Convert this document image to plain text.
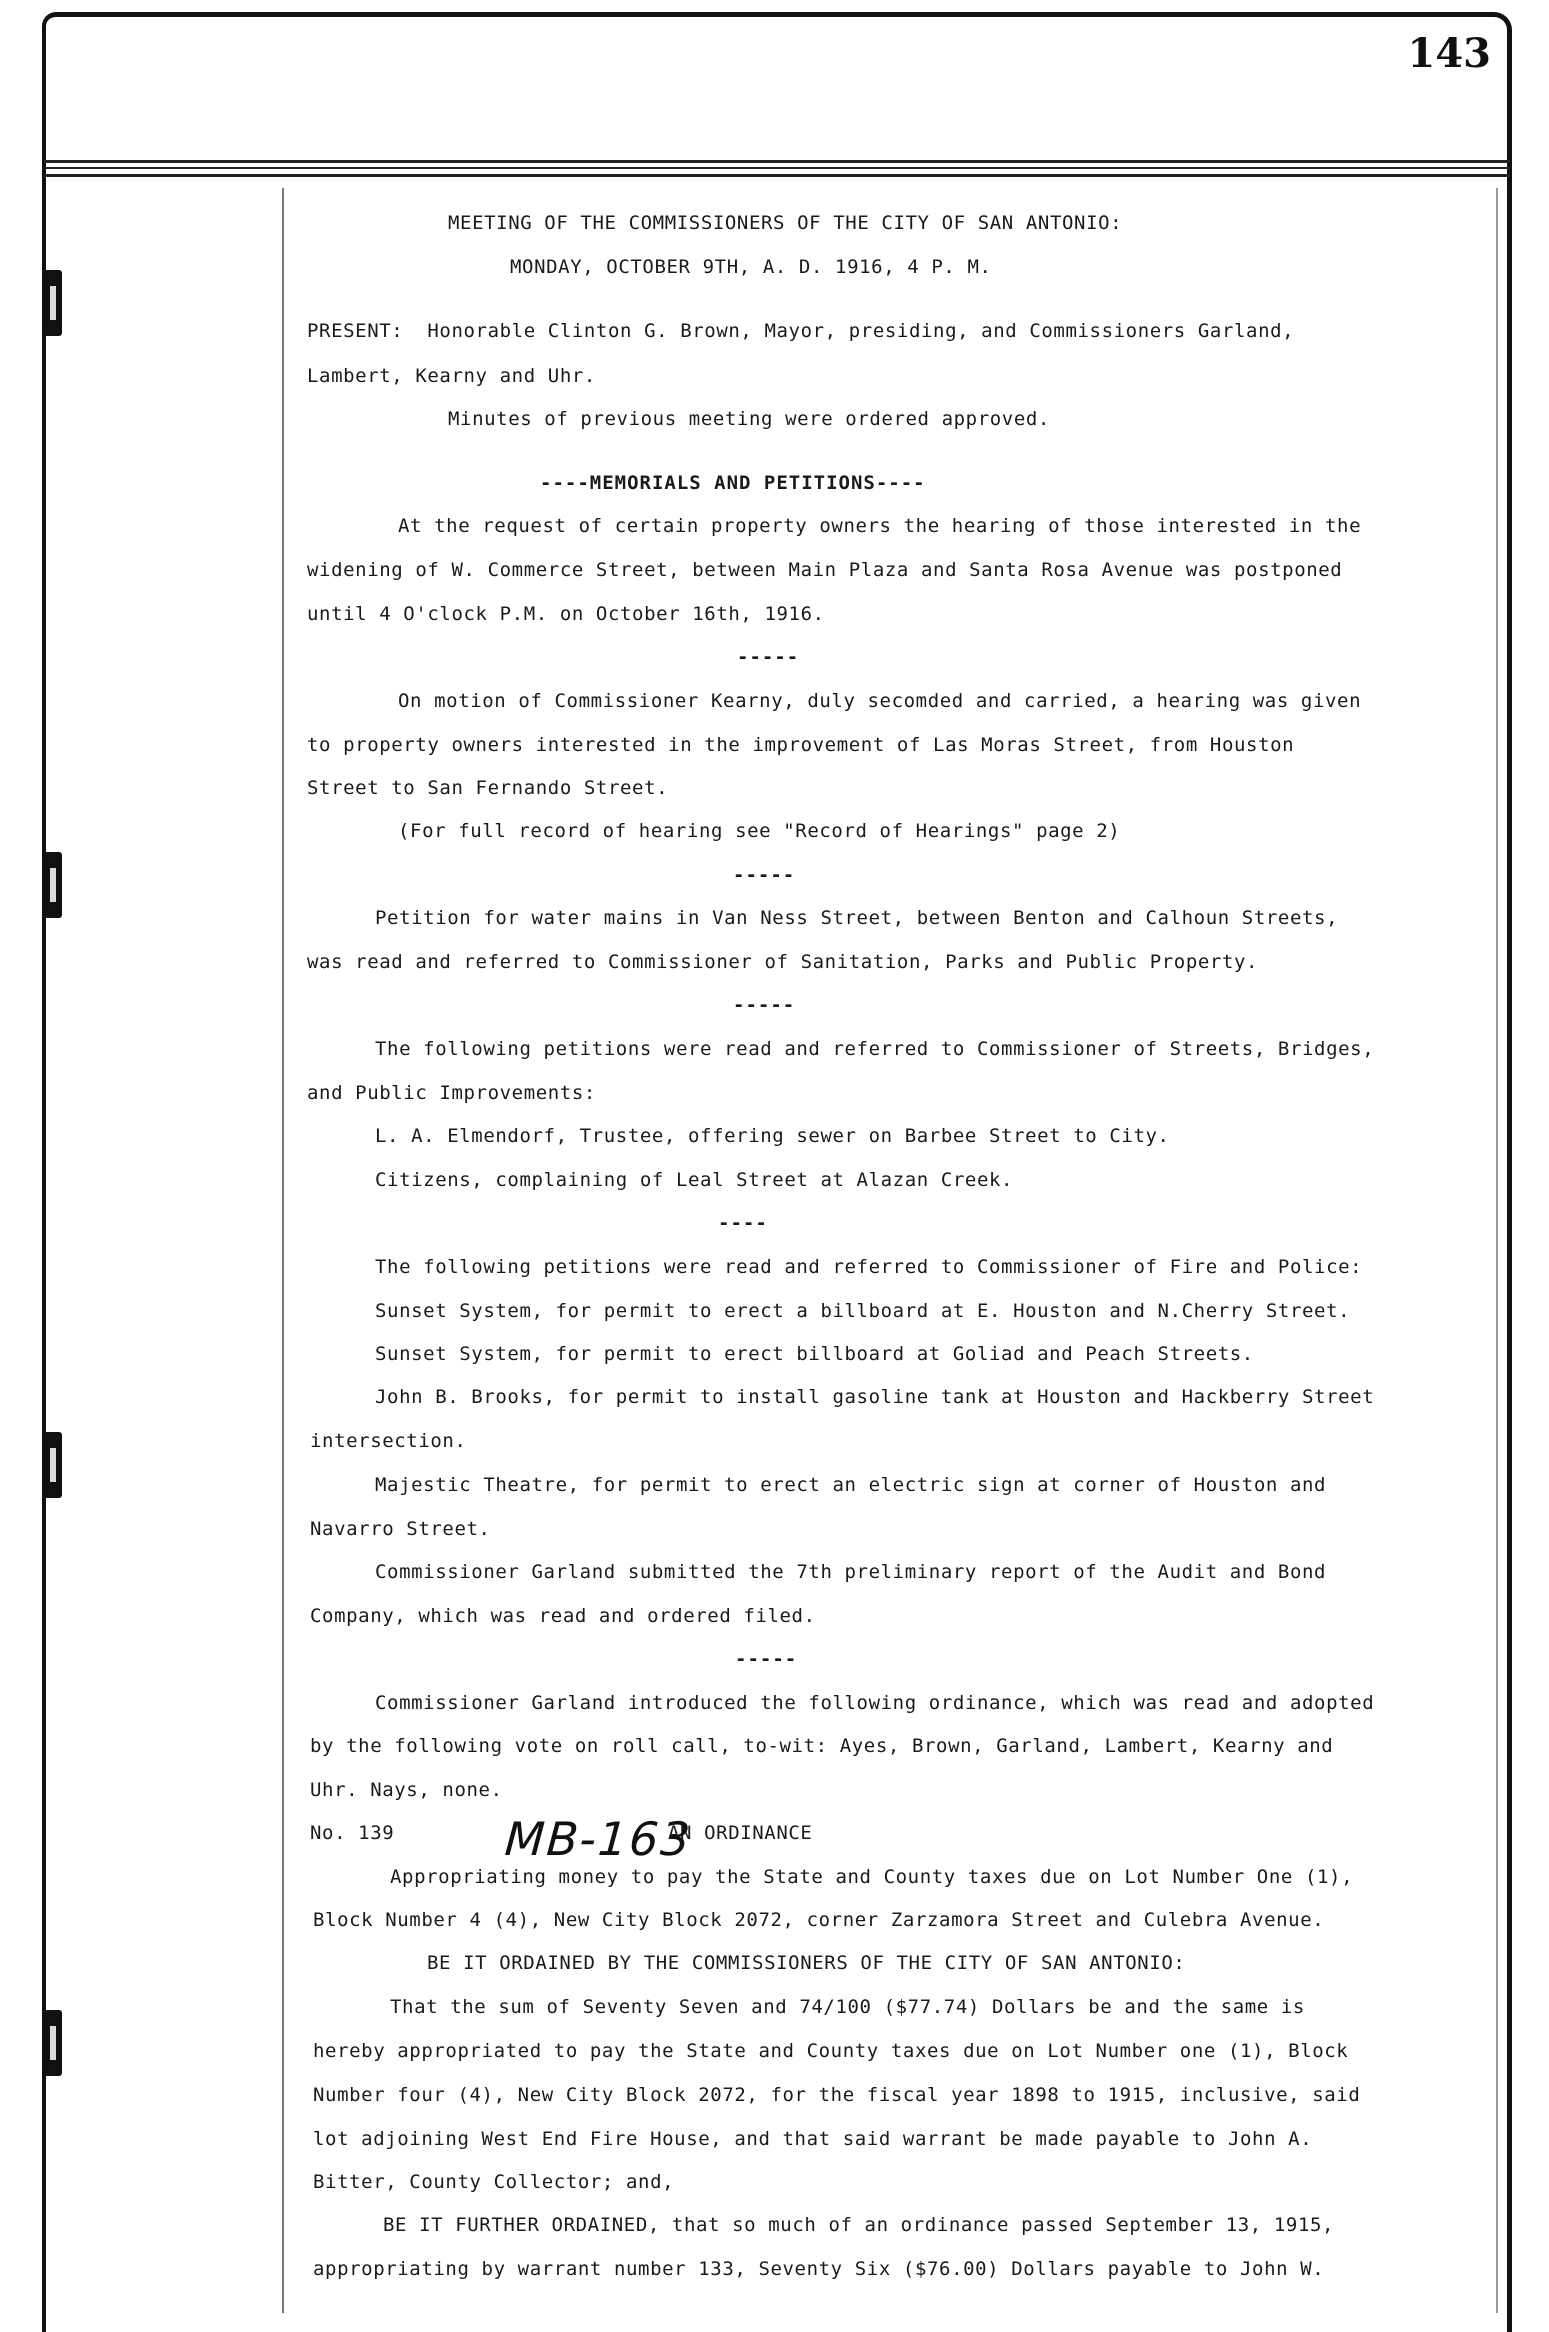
143
MEETING OF THE COMMISSIONERS OF THE CITY OF SAN ANTONIO:
MONDAY, OCTOBER 9TH, A. D. 1916, 4 P. M.
PRESENT:  Honorable Clinton G. Brown, Mayor, presiding, and Commissioners Garland,
Lambert, Kearny and Uhr.
Minutes of previous meeting were ordered approved.
----MEMORIALS AND PETITIONS----
At the request of certain property owners the hearing of those interested in the
widening of W. Commerce Street, between Main Plaza and Santa Rosa Avenue was postponed
until 4 O'clock P.M. on October 16th, 1916.
-----
On motion of Commissioner Kearny, duly secomded and carried, a hearing was given
to property owners interested in the improvement of Las Moras Street, from Houston
Street to San Fernando Street.
(For full record of hearing see "Record of Hearings" page 2)
-----
Petition for water mains in Van Ness Street, between Benton and Calhoun Streets,
was read and referred to Commissioner of Sanitation, Parks and Public Property.
-----
The following petitions were read and referred to Commissioner of Streets, Bridges,
and Public Improvements:
L. A. Elmendorf, Trustee, offering sewer on Barbee Street to City.
Citizens, complaining of Leal Street at Alazan Creek.
----
The following petitions were read and referred to Commissioner of Fire and Police:
Sunset System, for permit to erect a billboard at E. Houston and N.Cherry Street.
Sunset System, for permit to erect billboard at Goliad and Peach Streets.
John B. Brooks, for permit to install gasoline tank at Houston and Hackberry Street
intersection.
Majestic Theatre, for permit to erect an electric sign at corner of Houston and
Navarro Street.
Commissioner Garland submitted the 7th preliminary report of the Audit and Bond
Company, which was read and ordered filed.
-----
Commissioner Garland introduced the following ordinance, which was read and adopted
by the following vote on roll call, to-wit: Ayes, Brown, Garland, Lambert, Kearny and
Uhr. Nays, none.
No. 139	AN ORDINANCE
Appropriating money to pay the State and County taxes due on Lot Number One (1),
Block Number 4 (4), New City Block 2072, corner Zarzamora Street and Culebra Avenue.
BE IT ORDAINED BY THE COMMISSIONERS OF THE CITY OF SAN ANTONIO:
That the sum of Seventy Seven and 74/100 ($77.74) Dollars be and the same is
hereby appropriated to pay the State and County taxes due on Lot Number one (1), Block
Number four (4), New City Block 2072, for the fiscal year 1898 to 1915, inclusive, said
lot adjoining West End Fire House, and that said warrant be made payable to John A.
Bitter, County Collector; and,
BE IT FURTHER ORDAINED, that so much of an ordinance passed September 13, 1915,
appropriating by warrant number 133, Seventy Six ($76.00) Dollars payable to John W.
MB-163
